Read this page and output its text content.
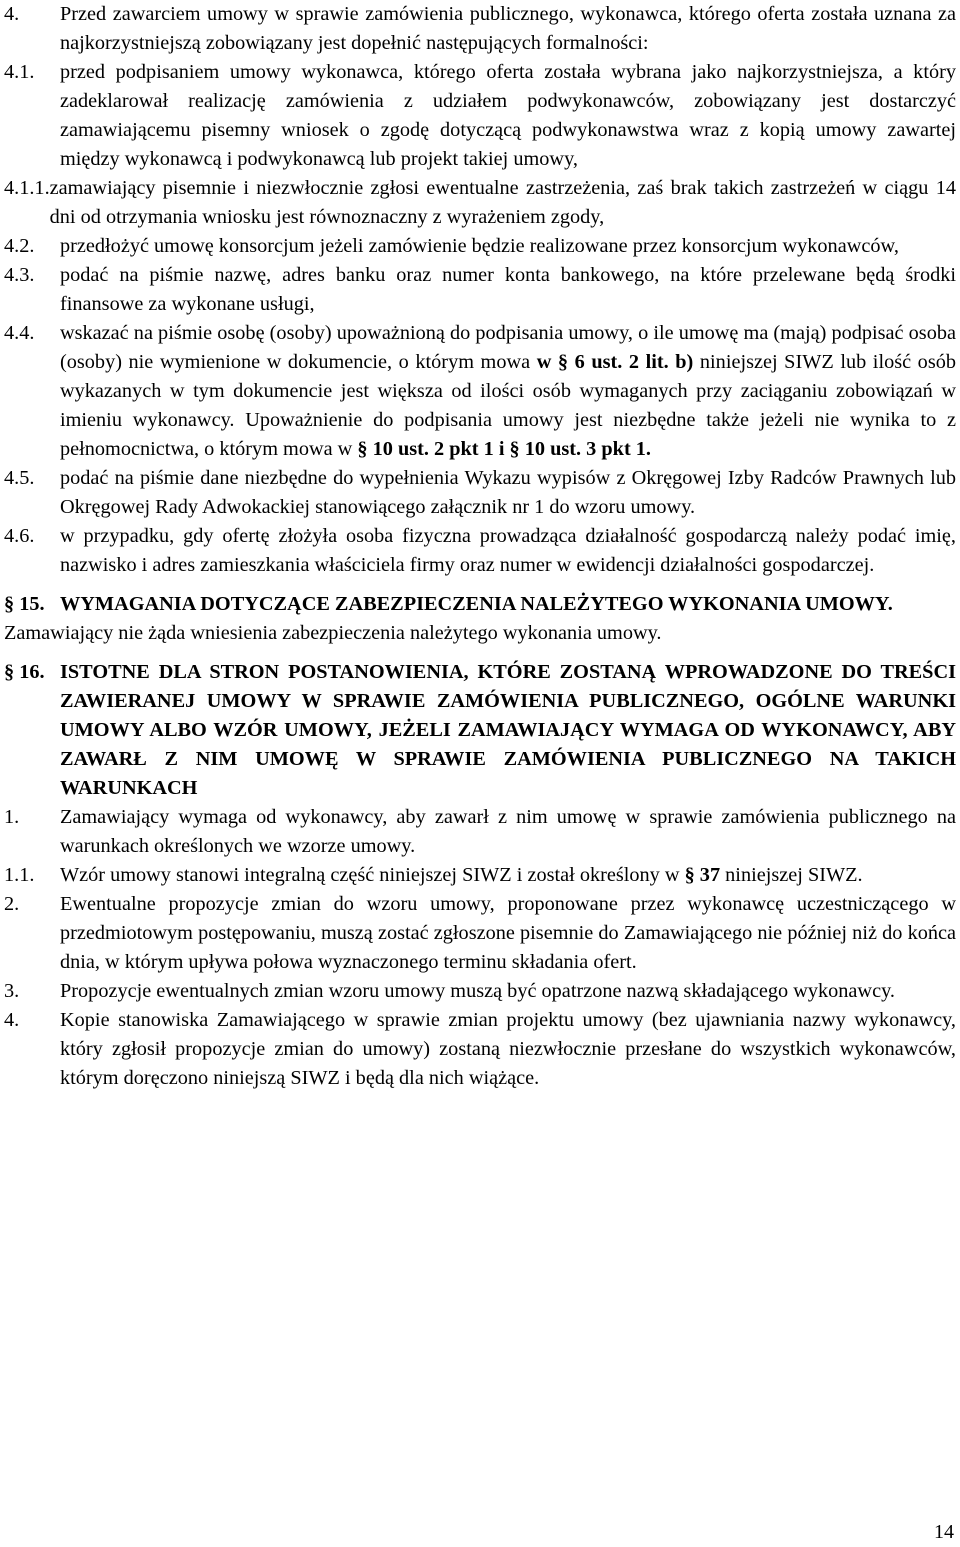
4.	Przed zawarciem umowy w sprawie zamówienia publicznego, wykonawca, którego oferta została uznana za najkorzystniejszą zobowiązany jest dopełnić następujących formalności:
4.1.	przed podpisaniem umowy wykonawca, którego oferta została wybrana jako najkorzystniejsza, a który zadeklarował realizację zamówienia z udziałem podwykonawców, zobowiązany jest dostarczyć zamawiającemu pisemny wniosek o zgodę dotyczącą podwykonawstwa wraz z kopią umowy zawartej między wykonawcą i podwykonawcą lub projekt takiej umowy,
4.1.1. zamawiający pisemnie i niezwłocznie zgłosi ewentualne zastrzeżenia, zaś brak takich zastrzeżeń w ciągu 14 dni od otrzymania wniosku jest równoznaczny z wyrażeniem zgody,
4.2.	przedłożyć umowę konsorcjum jeżeli zamówienie będzie realizowane przez konsorcjum wykonawców,
4.3.	podać na piśmie nazwę, adres banku oraz numer konta bankowego, na które przelewane będą środki finansowe za wykonane usługi,
4.4.	wskazać na piśmie osobę (osoby) upoważnioną do podpisania umowy, o ile umowę ma (mają) podpisać osoba (osoby) nie wymienione w dokumencie, o którym mowa w § 6 ust. 2 lit. b) niniejszej SIWZ lub ilość osób wykazanych w tym dokumencie jest większa od ilości osób wymaganych przy zaciąganiu zobowiązań w imieniu wykonawcy. Upoważnienie do podpisania umowy jest niezbędne także jeżeli nie wynika to z pełnomocnictwa, o którym mowa w § 10 ust. 2 pkt 1 i § 10 ust. 3 pkt 1.
4.5.	podać na piśmie dane niezbędne do wypełnienia Wykazu wypisów z Okręgowej Izby Radców Prawnych lub Okręgowej Rady Adwokackiej stanowiącego załącznik nr 1 do wzoru umowy.
4.6.	w przypadku, gdy ofertę złożyła osoba fizyczna prowadząca działalność gospodarczą należy podać imię, nazwisko i adres zamieszkania właściciela firmy oraz numer w ewidencji działalności gospodarczej.
§ 15. WYMAGANIA DOTYCZĄCE ZABEZPIECZENIA NALEŻYTEGO WYKONANIA UMOWY.
Zamawiający nie żąda wniesienia zabezpieczenia należytego wykonania umowy.
§ 16. ISTOTNE DLA STRON POSTANOWIENIA, KTÓRE ZOSTANĄ WPROWADZONE DO TREŚCI ZAWIERANEJ UMOWY W SPRAWIE ZAMÓWIENIA PUBLICZNEGO, OGÓLNE WARUNKI UMOWY ALBO WZÓR UMOWY, JEŻELI ZAMAWIAJĄCY WYMAGA OD WYKONAWCY, ABY ZAWARŁ Z NIM UMOWĘ W SPRAWIE ZAMÓWIENIA PUBLICZNEGO NA TAKICH WARUNKACH
1.	Zamawiający wymaga od wykonawcy, aby zawarł z nim umowę w sprawie zamówienia publicznego na warunkach określonych we wzorze umowy.
1.1.	Wzór umowy stanowi integralną część niniejszej SIWZ i został określony w § 37 niniejszej SIWZ.
2.	Ewentualne propozycje zmian do wzoru umowy, proponowane przez wykonawcę uczestniczącego w przedmiotowym postępowaniu, muszą zostać zgłoszone pisemnie do Zamawiającego nie później niż do końca dnia, w którym upływa połowa wyznaczonego terminu składania ofert.
3.	Propozycje ewentualnych zmian wzoru umowy muszą być opatrzone nazwą składającego wykonawcy.
4.	Kopie stanowiska Zamawiającego w sprawie zmian projektu umowy (bez ujawniania nazwy wykonawcy, który zgłosił propozycje zmian do umowy) zostaną niezwłocznie przesłane do wszystkich wykonawców, którym doręczono niniejszą SIWZ i będą dla nich wiążące.
14
